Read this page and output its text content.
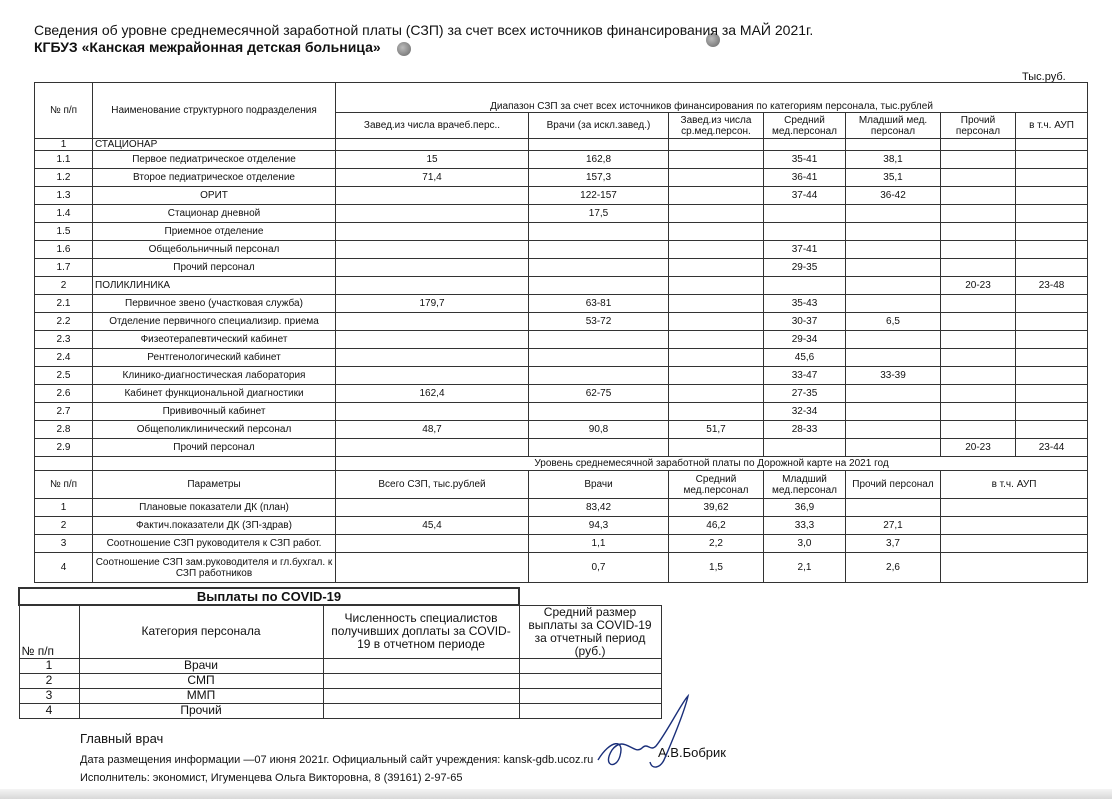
Сведения об уровне среднемесячной заработной платы (СЗП) за счет всех источников финансирования за МАЙ 2021г.
КГБУЗ «Канская межрайонная детская больница»
Тыс.руб.
№ п/п	Наименование структурного подразделения							
		Диапазон СЗП за счет всех источников финансирования по категориям персонала, тыс.рублей						
		Завед.из числа врачеб.перс..	Врачи (за искл.завед.)	Завед.из числа ср.мед.персон.	Средний мед.персонал	Младший мед. персонал	Прочий персонал	в т.ч. АУП
1	СТАЦИОНАР							
1.1	Первое педиатрическое отделение	15	162,8		35-41	38,1		
1.2	Второе педиатрическое отделение	71,4	157,3		36-41	35,1		
1.3	ОРИТ		122-157		37-44	36-42		
1.4	Стационар дневной		17,5					
1.5	Приемное отделение							
1.6	Общебольничный персонал				37-41			
1.7	Прочий персонал				29-35			
2	ПОЛИКЛИНИКА						20-23	23-48
2.1	Первичное звено (участковая служба)	179,7	63-81		35-43			
2.2	Отделение первичного специализир. приема		53-72		30-37	6,5		
2.3	Физеотерапевтический кабинет				29-34			
2.4	Рентгенологический кабинет				45,6			
2.5	Клинико-диагностическая лаборатория				33-47	33-39		
2.6	Кабинет функциональной диагностики	162,4	62-75		27-35			
2.7	Прививочный кабинет				32-34			
2.8	Общеполиклинический персонал	48,7	90,8	51,7	28-33			
2.9	Прочий персонал						20-23	23-44
		Уровень среднемесячной заработной платы по Дорожной карте на 2021 год						
№ п/п	Параметры	Всего СЗП, тыс.рублей	Врачи	Средний мед.персонал	Младший мед.персонал	Прочий персонал	в т.ч. АУП	
1	Плановые показатели ДК (план)		83,42	39,62	36,9			
2	Фактич.показатели ДК (ЗП-здрав)	45,4	94,3	46,2	33,3	27,1		
3	Соотношение СЗП руководителя к СЗП работ.		1,1	2,2	3,0	3,7		
4	Соотношение СЗП зам.руководителя и гл.бухгал. к СЗП работников		0,7	1,5	2,1	2,6		
Выплаты по COVID-19			
№ п/п	Категория персонала	Численность специалистов получивших доплаты за COVID-19 в отчетном периоде	Средний размер выплаты за COVID-19 за отчетный период (руб.)
1	Врачи		
2	СМП		
3	ММП		
4	Прочий		
Главный врач
Дата размещения информации —07 июня 2021г. Официальный сайт учреждения: kansk-gdb.ucoz.ru
Исполнитель: экономист, Игуменцева Ольга Викторовна, 8 (39161) 2-97-65
А.В.Бобрик
